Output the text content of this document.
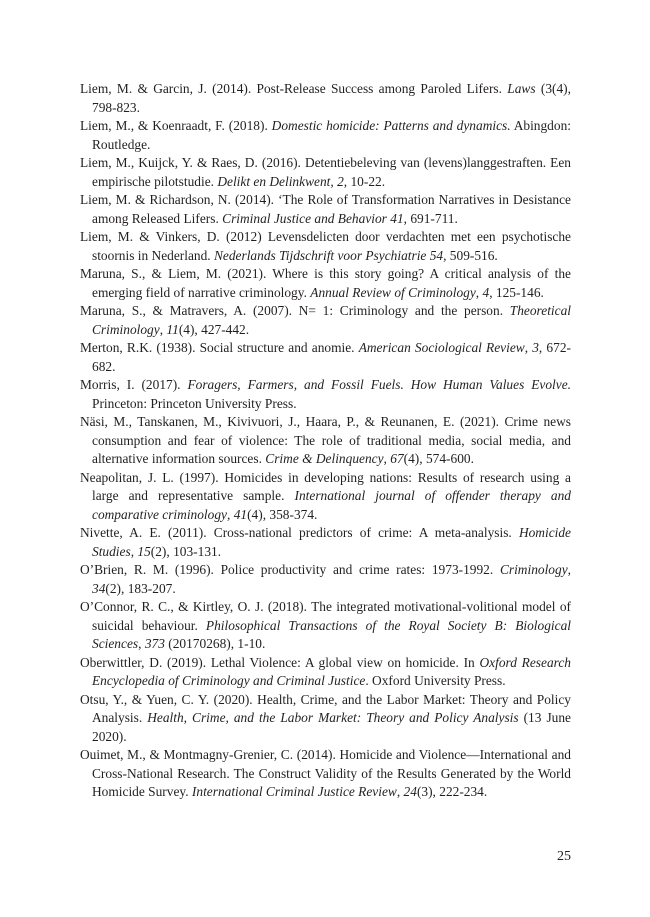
Liem, M. & Garcin, J. (2014). Post-Release Success among Paroled Lifers. Laws (3(4), 798-823.
Liem, M., & Koenraadt, F. (2018). Domestic homicide: Patterns and dynamics. Abingdon: Routledge.
Liem, M., Kuijck, Y. & Raes, D. (2016). Detentiebeleving van (levens)langgestraften. Een empirische pilotstudie. Delikt en Delinkwent, 2, 10-22.
Liem, M. & Richardson, N. (2014). ‘The Role of Transformation Narratives in Desistance among Released Lifers. Criminal Justice and Behavior 41, 691-711.
Liem, M. & Vinkers, D. (2012) Levensdelicten door verdachten met een psychotische stoornis in Nederland. Nederlands Tijdschrift voor Psychiatrie 54, 509-516.
Maruna, S., & Liem, M. (2021). Where is this story going? A critical analysis of the emerging field of narrative criminology. Annual Review of Criminology, 4, 125-146.
Maruna, S., & Matravers, A. (2007). N= 1: Criminology and the person. Theoretical Criminology, 11(4), 427-442.
Merton, R.K. (1938). Social structure and anomie. American Sociological Review, 3, 672-682.
Morris, I. (2017). Foragers, Farmers, and Fossil Fuels. How Human Values Evolve. Princeton: Princeton University Press.
Näsi, M., Tanskanen, M., Kivivuori, J., Haara, P., & Reunanen, E. (2021). Crime news consumption and fear of violence: The role of traditional media, social media, and alternative information sources. Crime & Delinquency, 67(4), 574-600.
Neapolitan, J. L. (1997). Homicides in developing nations: Results of research using a large and representative sample. International journal of offender therapy and comparative criminology, 41(4), 358-374.
Nivette, A. E. (2011). Cross-national predictors of crime: A meta-analysis. Homicide Studies, 15(2), 103-131.
O’Brien, R. M. (1996). Police productivity and crime rates: 1973-1992. Criminology, 34(2), 183-207.
O’Connor, R. C., & Kirtley, O. J. (2018). The integrated motivational-volitional model of suicidal behaviour. Philosophical Transactions of the Royal Society B: Biological Sciences, 373 (20170268), 1-10.
Oberwittler, D. (2019). Lethal Violence: A global view on homicide. In Oxford Research Encyclopedia of Criminology and Criminal Justice. Oxford University Press.
Otsu, Y., & Yuen, C. Y. (2020). Health, Crime, and the Labor Market: Theory and Policy Analysis. Health, Crime, and the Labor Market: Theory and Policy Analysis (13 June 2020).
Ouimet, M., & Montmagny-Grenier, C. (2014). Homicide and Violence—International and Cross-National Research. The Construct Validity of the Results Generated by the World Homicide Survey. International Criminal Justice Review, 24(3), 222-234.
25
